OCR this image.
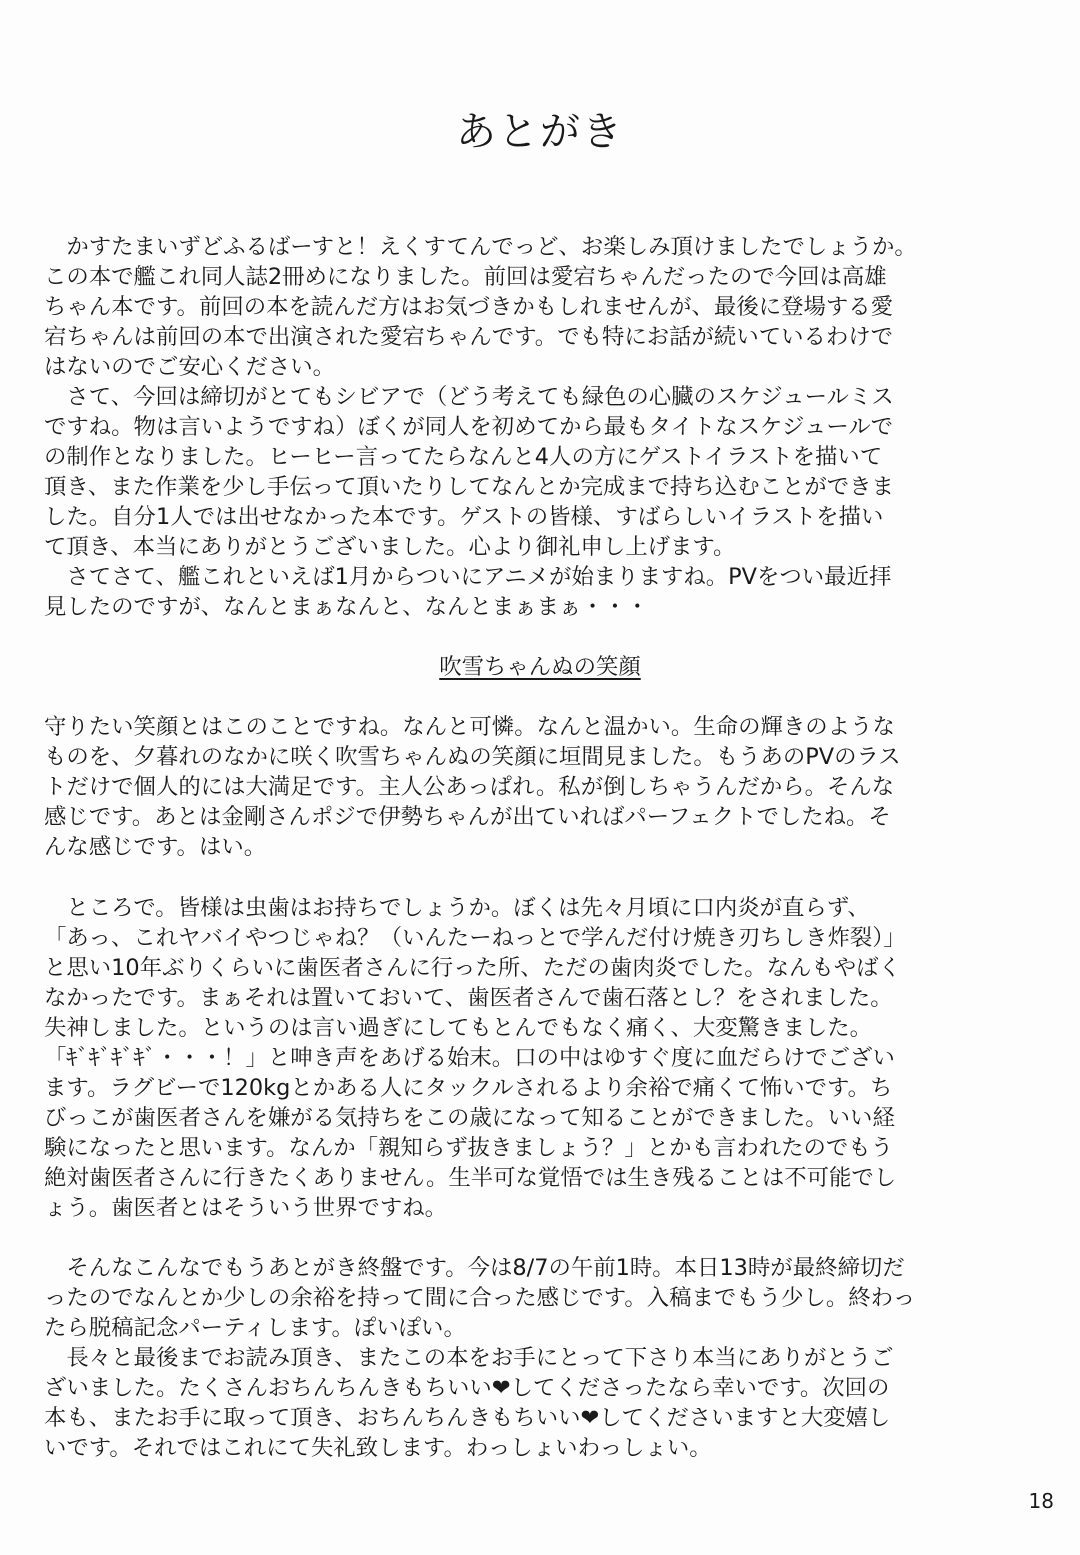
あとがき
　かすたまいずどふるばーすと！えくすてんでっど、お楽しみ頂けましたでしょうか。
この本で艦これ同人誌2冊めになりました。前回は愛宕ちゃんだったので今回は高雄
ちゃん本です。前回の本を読んだ方はお気づきかもしれませんが、最後に登場する愛
宕ちゃんは前回の本で出演された愛宕ちゃんです。でも特にお話が続いているわけで
はないのでご安心ください。
　さて、今回は締切がとてもシビアで（どう考えても緑色の心臓のスケジュールミス
ですね。物は言いようですね）ぼくが同人を初めてから最もタイトなスケジュールで
の制作となりました。ヒーヒー言ってたらなんと4人の方にゲストイラストを描いて
頂き、また作業を少し手伝って頂いたりしてなんとか完成まで持ち込むことができま
した。自分1人では出せなかった本です。ゲストの皆様、すばらしいイラストを描い
て頂き、本当にありがとうございました。心より御礼申し上げます。
　さてさて、艦これといえば1月からついにアニメが始まりますね。PVをつい最近拝
見したのですが、なんとまぁなんと、なんとまぁまぁ・・・
吹雪ちゃんぬの笑顔
守りたい笑顔とはこのことですね。なんと可憐。なんと温かい。生命の輝きのような
ものを、夕暮れのなかに咲く吹雪ちゃんぬの笑顔に垣間見ました。もうあのPVのラス
トだけで個人的には大満足です。主人公あっぱれ。私が倒しちゃうんだから。そんな
感じです。あとは金剛さんポジで伊勢ちゃんが出ていればパーフェクトでしたね。そ
んな感じです。はい。
　ところで。皆様は虫歯はお持ちでしょうか。ぼくは先々月頃に口内炎が直らず、
「あっ、これヤバイやつじゃね？（いんたーねっとで学んだ付け焼き刃ちしき炸裂）」
と思い10年ぶりくらいに歯医者さんに行った所、ただの歯肉炎でした。なんもやばく
なかったです。まぁそれは置いておいて、歯医者さんで歯石落とし？をされました。
失神しました。というのは言い過ぎにしてもとんでもなく痛く、大変驚きました。
「ｷﾞｷﾞｷﾞｷﾞ・・・！」と呻き声をあげる始末。口の中はゆすぐ度に血だらけでござい
ます。ラグビーで120kgとかある人にタックルされるより余裕で痛くて怖いです。ち
びっこが歯医者さんを嫌がる気持ちをこの歳になって知ることができました。いい経
験になったと思います。なんか「親知らず抜きましょう？」とかも言われたのでもう
絶対歯医者さんに行きたくありません。生半可な覚悟では生き残ることは不可能でし
ょう。歯医者とはそういう世界ですね。
　そんなこんなでもうあとがき終盤です。今は8/7の午前1時。本日13時が最終締切だ
ったのでなんとか少しの余裕を持って間に合った感じです。入稿までもう少し。終わっ
たら脱稿記念パーティします。ぽいぽい。
　長々と最後までお読み頂き、またこの本をお手にとって下さり本当にありがとうご
ざいました。たくさんおちんちんきもちいい❤してくださったなら幸いです。次回の
本も、またお手に取って頂き、おちんちんきもちいい❤してくださいますと大変嬉し
いです。それではこれにて失礼致します。わっしょいわっしょい。
18
